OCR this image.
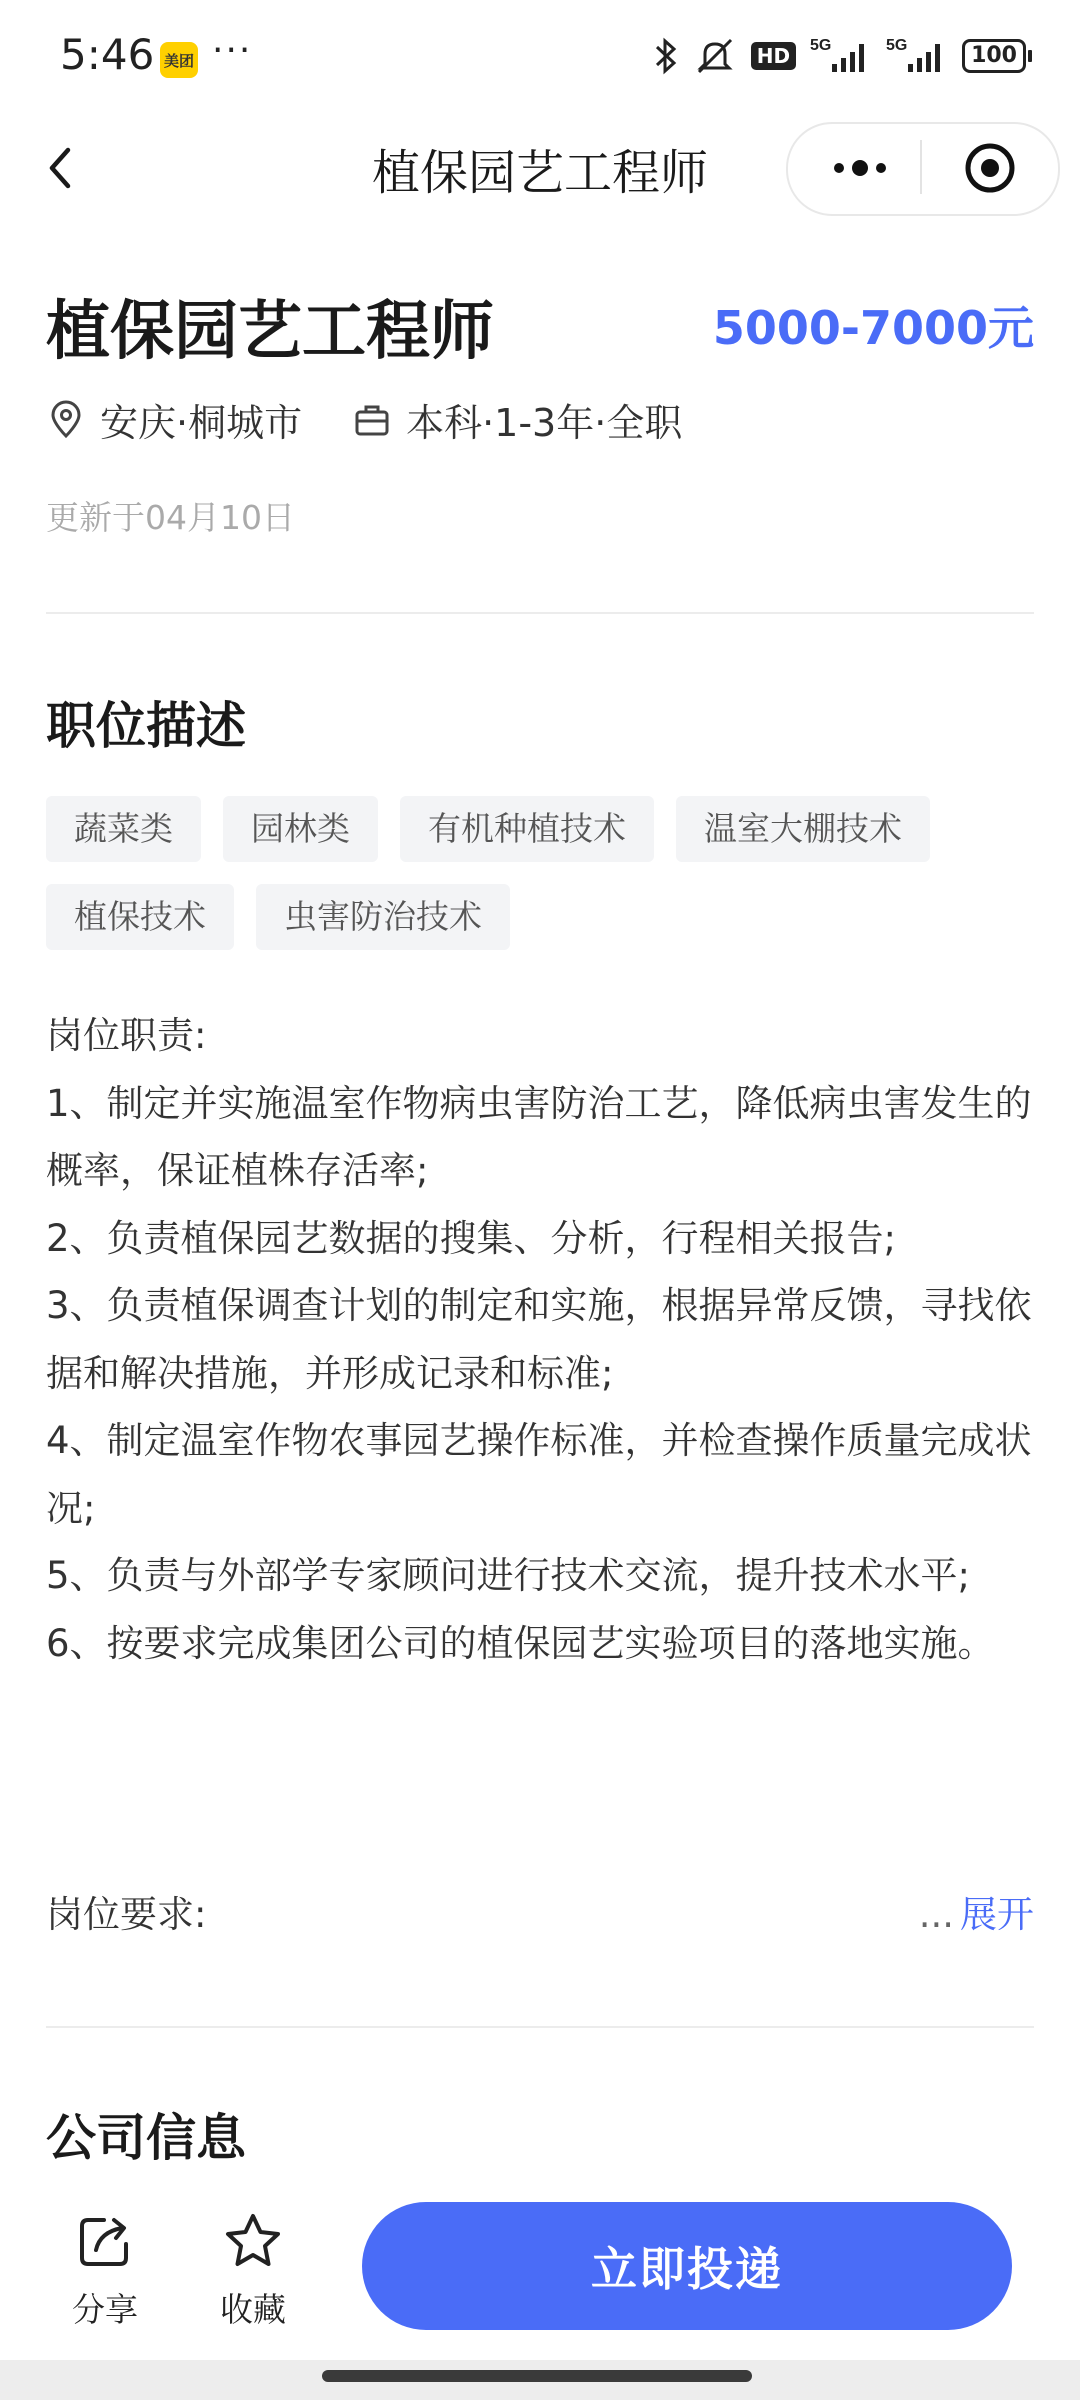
5:46 美团 ···	HD	5G	5G	100
植保园艺工程师
植保园艺工程师	5000-7000元
安庆·桐城市	本科·1-3年·全职
更新于04月10日
职位描述
蔬菜类	园林类	有机种植技术	温室大棚技术
植保技术	虫害防治技术
岗位职责:
1、制定并实施温室作物病虫害防治工艺，降低病虫害发生的概率，保证植株存活率;
2、负责植保园艺数据的搜集、分析，行程相关报告;
3、负责植保调查计划的制定和实施，根据异常反馈，寻找依据和解决措施，并形成记录和标准;
4、制定温室作物农事园艺操作标准，并检查操作质量完成状况;
5、负责与外部学专家顾问进行技术交流，提升技术水平;
6、按要求完成集团公司的植保园艺实验项目的落地实施。
岗位要求:	... 展开
公司信息
分享	收藏
立即投递
